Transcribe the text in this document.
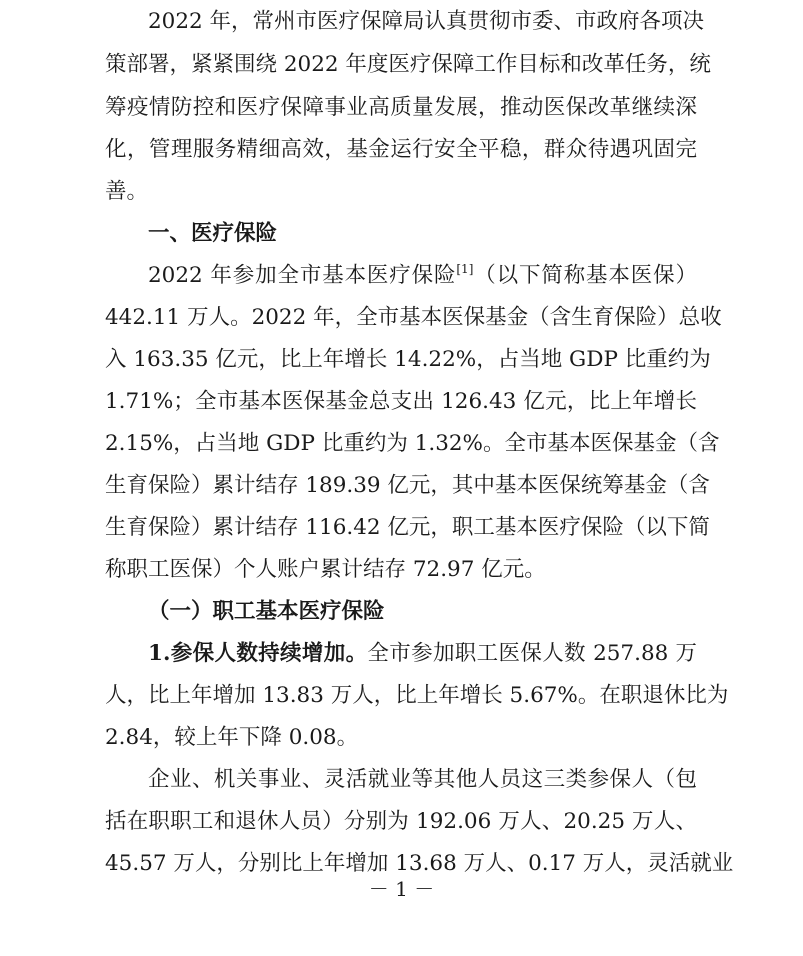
2022 年，常州市医疗保障局认真贯彻市委、市政府各项决
策部署，紧紧围绕 2022 年度医疗保障工作目标和改革任务，统
筹疫情防控和医疗保障事业高质量发展，推动医保改革继续深
化，管理服务精细高效，基金运行安全平稳，群众待遇巩固完
善。
一、医疗保险
2022 年参加全市基本医疗保险[1]（以下简称基本医保）
442.11 万人。2022 年，全市基本医保基金（含生育保险）总收
入 163.35 亿元，比上年增长 14.22%，占当地 GDP 比重约为
1.71%；全市基本医保基金总支出 126.43 亿元，比上年增长
2.15%，占当地 GDP 比重约为 1.32%。全市基本医保基金（含
生育保险）累计结存 189.39 亿元，其中基本医保统筹基金（含
生育保险）累计结存 116.42 亿元，职工基本医疗保险（以下简
称职工医保）个人账户累计结存 72.97 亿元。
（一）职工基本医疗保险
1.参保人数持续增加。全市参加职工医保人数 257.88 万
人，比上年增加 13.83 万人，比上年增长 5.67%。在职退休比为
2.84，较上年下降 0.08。
企业、机关事业、灵活就业等其他人员这三类参保人（包
括在职职工和退休人员）分别为 192.06 万人、20.25 万人、
45.57 万人，分别比上年增加 13.68 万人、0.17 万人，灵活就业
－ 1 －
